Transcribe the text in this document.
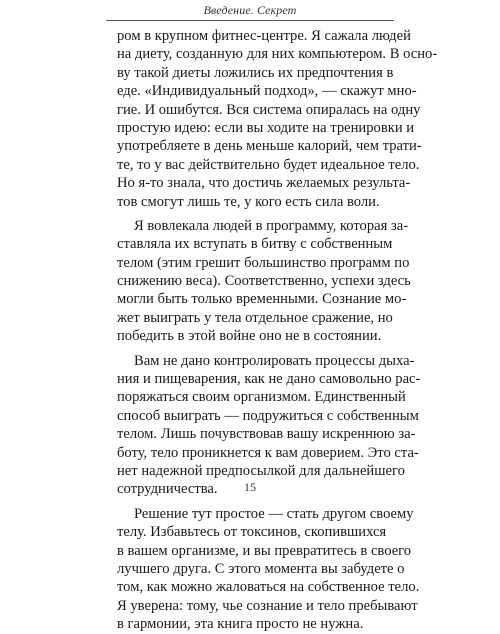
Введение. Секрет
ром в крупном фитнес-центре. Я сажала людей
на диету, созданную для них компьютером. В осно-
ву такой диеты ложились их предпочтения в
еде. «Индивидуальный подход», — скажут мно-
гие. И ошибутся. Вся система опиралась на одну
простую идею: если вы ходите на тренировки и
употребляете в день меньше калорий, чем трати-
те, то у вас действительно будет идеальное тело.
Но я-то знала, что достичь желаемых результа-
тов смогут лишь те, у кого есть сила воли.
Я вовлекала людей в программу, которая за-
ставляла их вступать в битву с собственным
телом (этим грешит большинство программ по
снижению веса). Соответственно, успехи здесь
могли быть только временными. Сознание мо-
жет выиграть у тела отдельное сражение, но
победить в этой войне оно не в состоянии.
Вам не дано контролировать процессы дыха-
ния и пищеварения, как не дано самовольно рас-
поряжаться своим организмом. Единственный
способ выиграть — подружиться с собственным
телом. Лишь почувствовав вашу искреннюю за-
боту, тело проникнется к вам доверием. Это ста-
нет надежной предпосылкой для дальнейшего
сотрудничества.
Решение тут простое — стать другом своему
телу. Избавьтесь от токсинов, скопившихся
в вашем организме, и вы превратитесь в своего
лучшего друга. С этого момента вы забудете о
том, как можно жаловаться на собственное тело.
Я уверена: тому, чье сознание и тело пребывают
в гармонии, эта книга просто не нужна.
15
